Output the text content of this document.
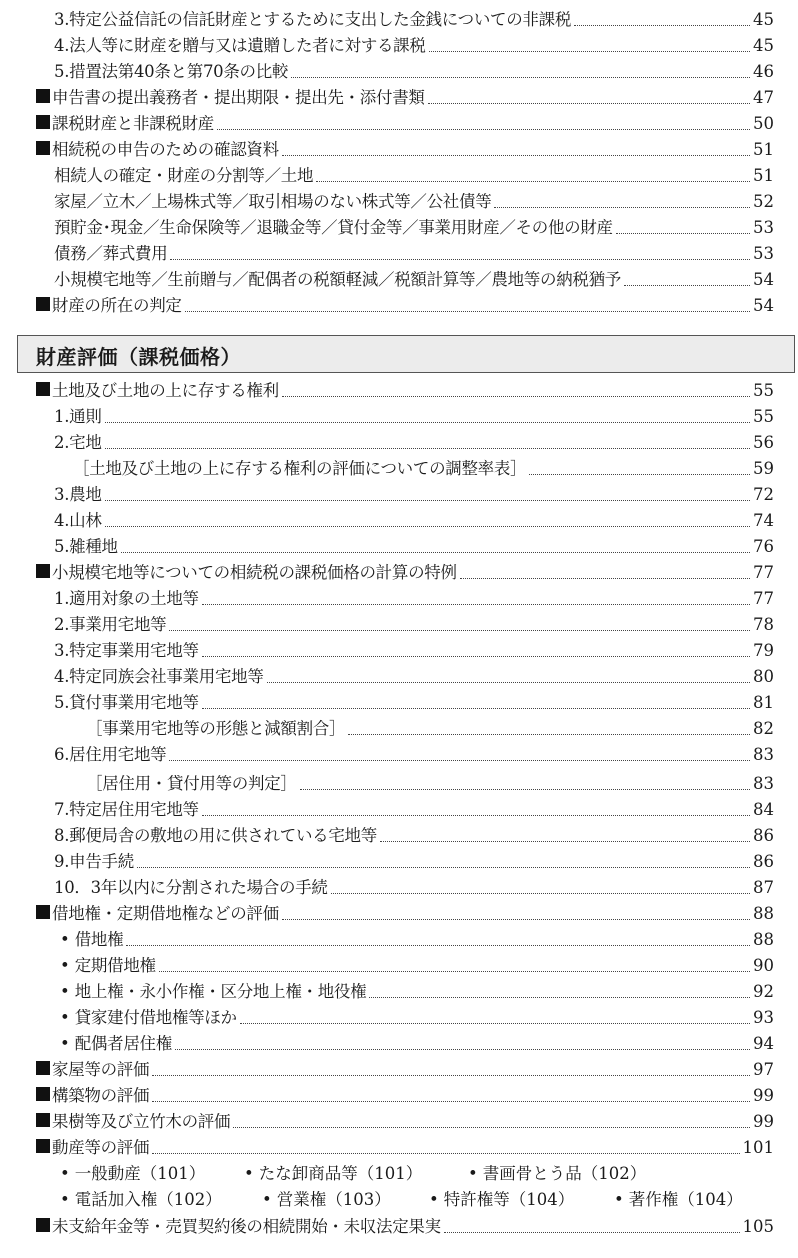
3.特定公益信託の信託財産とするために支出した金銭についての非課税	45
4.法人等に財産を贈与又は遺贈した者に対する課税	45
5.措置法第40条と第70条の比較	46
申告書の提出義務者・提出期限・提出先・添付書類	47
課税財産と非課税財産	50
相続税の申告のための確認資料	51
相続人の確定・財産の分割等／土地	51
家屋／立木／上場株式等／取引相場のない株式等／公社債等	52
預貯金･現金／生命保険等／退職金等／貸付金等／事業用財産／その他の財産	53
債務／葬式費用	53
小規模宅地等／生前贈与／配偶者の税額軽減／税額計算等／農地等の納税猶予	54
財産の所在の判定	54
財産評価（課税価格）
土地及び土地の上に存する権利	55
1.通則	55
2.宅地	56
［土地及び土地の上に存する権利の評価についての調整率表］	59
3.農地	72
4.山林	74
5.雑種地	76
小規模宅地等についての相続税の課税価格の計算の特例	77
1.適用対象の土地等	77
2.事業用宅地等	78
3.特定事業用宅地等	79
4.特定同族会社事業用宅地等	80
5.貸付事業用宅地等	81
［事業用宅地等の形態と減額割合］	82
6.居住用宅地等	83
［居住用・貸付用等の判定］	83
7.特定居住用宅地等	84
8.郵便局舎の敷地の用に供されている宅地等	86
9.申告手続	86
10．3年以内に分割された場合の手続	87
借地権・定期借地権などの評価	88
• 借地権	88
• 定期借地権	90
• 地上権・永小作権・区分地上権・地役権	92
• 貸家建付借地権等ほか	93
• 配偶者居住権	94
家屋等の評価	97
構築物の評価	99
果樹等及び立竹木の評価	99
動産等の評価	101
• 一般動産（101） • たな卸商品等（101）	• 書画骨とう品（102）
• 電話加入権（102） • 営業権（103） • 特許権等（104） • 著作権（104）
未支給年金等・売買契約後の相続開始・未収法定果実	105
